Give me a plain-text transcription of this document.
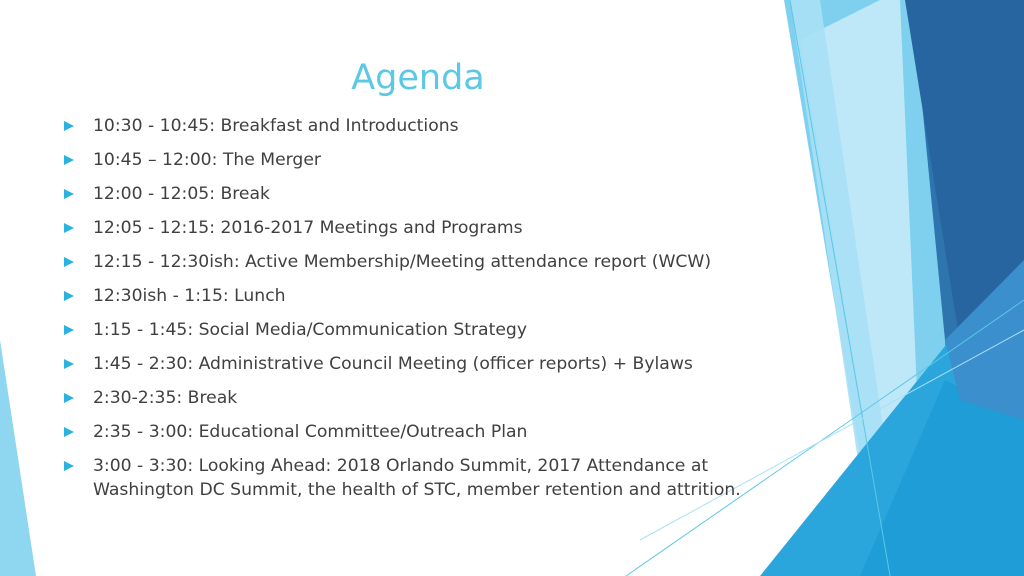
Agenda
10:30 - 10:45: Breakfast and Introductions
10:45 – 12:00: The Merger
12:00 - 12:05: Break
12:05 - 12:15: 2016-2017 Meetings and Programs
12:15 - 12:30ish: Active Membership/Meeting attendance report (WCW)
12:30ish - 1:15: Lunch
1:15 - 1:45: Social Media/Communication Strategy
1:45 - 2:30: Administrative Council Meeting (officer reports) + Bylaws
2:30-2:35: Break
2:35 - 3:00: Educational Committee/Outreach Plan
3:00 - 3:30: Looking Ahead: 2018 Orlando Summit, 2017 Attendance at Washington DC Summit, the health of STC, member retention and attrition.
